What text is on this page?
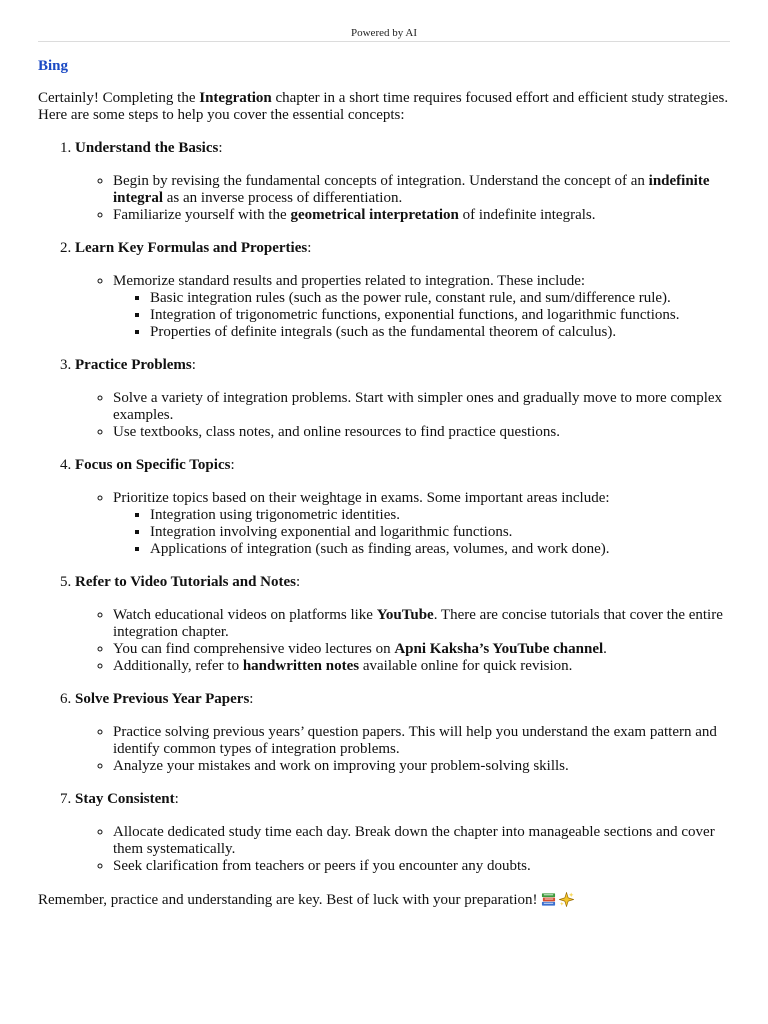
Powered by AI

Bing

Certainly! Completing the Integration chapter in a short time requires focused effort and efficient study strategies. Here are some steps to help you cover the essential concepts:

1. Understand the Basics:
◦ Begin by revising the fundamental concepts of integration. Understand the concept of an indefinite integral as an inverse process of differentiation.
◦ Familiarize yourself with the geometrical interpretation of indefinite integrals.
2. Learn Key Formulas and Properties:
◦ Memorize standard results and properties related to integration. These include:
▪ Basic integration rules (such as the power rule, constant rule, and sum/difference rule).
▪ Integration of trigonometric functions, exponential functions, and logarithmic functions.
▪ Properties of definite integrals (such as the fundamental theorem of calculus).
3. Practice Problems:
◦ Solve a variety of integration problems. Start with simpler ones and gradually move to more complex examples.
◦ Use textbooks, class notes, and online resources to find practice questions.
4. Focus on Specific Topics:
◦ Prioritize topics based on their weightage in exams. Some important areas include:
▪ Integration using trigonometric identities.
▪ Integration involving exponential and logarithmic functions.
▪ Applications of integration (such as finding areas, volumes, and work done).
5. Refer to Video Tutorials and Notes:
◦ Watch educational videos on platforms like YouTube. There are concise tutorials that cover the entire integration chapter.
◦ You can find comprehensive video lectures on Apni Kaksha’s YouTube channel.
◦ Additionally, refer to handwritten notes available online for quick revision.
6. Solve Previous Year Papers:
◦ Practice solving previous years’ question papers. This will help you understand the exam pattern and identify common types of integration problems.
◦ Analyze your mistakes and work on improving your problem-solving skills.
7. Stay Consistent:
◦ Allocate dedicated study time each day. Break down the chapter into manageable sections and cover them systematically.
◦ Seek clarification from teachers or peers if you encounter any doubts.

Remember, practice and understanding are key. Best of luck with your preparation!
